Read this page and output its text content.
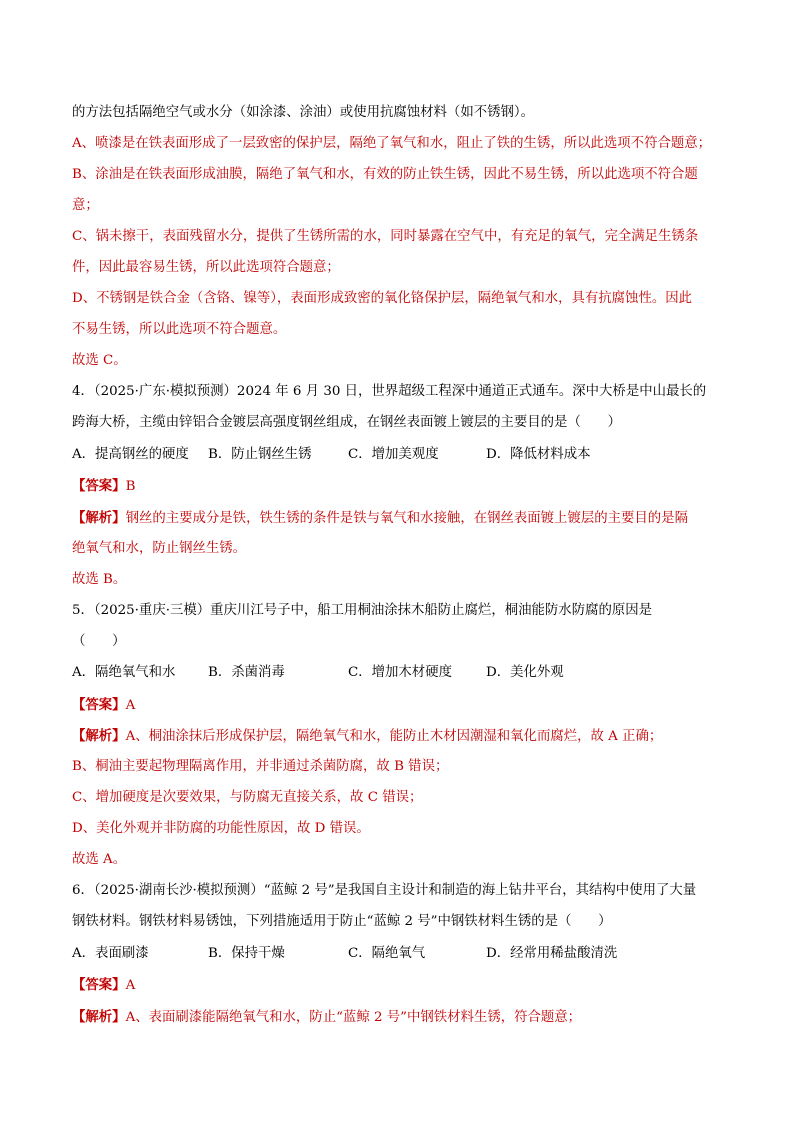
的方法包括隔绝空气或水分（如涂漆、涂油）或使用抗腐蚀材料（如不锈钢）。
A、喷漆是在铁表面形成了一层致密的保护层，隔绝了氧气和水，阻止了铁的生锈，所以此选项不符合题意；
B、涂油是在铁表面形成油膜，隔绝了氧气和水，有效的防止铁生锈，因此不易生锈，所以此选项不符合题
意；
C、锅未擦干，表面残留水分，提供了生锈所需的水，同时暴露在空气中，有充足的氧气，完全满足生锈条
件，因此最容易生锈，所以此选项符合题意；
D、不锈钢是铁合金（含铬、镍等），表面形成致密的氧化铬保护层，隔绝氧气和水，具有抗腐蚀性。因此
不易生锈，所以此选项不符合题意。
故选 C。
4．（2025·广东·模拟预测）2024 年 6 月 30 日，世界超级工程深中通道正式通车。深中大桥是中山最长的
跨海大桥，主缆由锌铝合金镀层高强度钢丝组成，在钢丝表面镀上镀层的主要目的是（　　）
A．提高钢丝的硬度 B．防止钢丝生锈	C．增加美观度	D．降低材料成本
【答案】B
【解析】钢丝的主要成分是铁，铁生锈的条件是铁与氧气和水接触，在钢丝表面镀上镀层的主要目的是隔
绝氧气和水，防止钢丝生锈。
故选 B。
5．（2025·重庆·三模）重庆川江号子中，船工用桐油涂抹木船防止腐烂，桐油能防水防腐的原因是
（　　）
A．隔绝氧气和水 B．杀菌消毒	C．增加木材硬度	D．美化外观
【答案】A
【解析】A、桐油涂抹后形成保护层，隔绝氧气和水，能防止木材因潮湿和氧化而腐烂，故 A 正确；
B、桐油主要起物理隔离作用，并非通过杀菌防腐，故 B 错误；
C、增加硬度是次要效果，与防腐无直接关系，故 C 错误；
D、美化外观并非防腐的功能性原因，故 D 错误。
故选 A。
6．（2025·湖南长沙·模拟预测）“蓝鲸 2 号”是我国自主设计和制造的海上钻井平台，其结构中使用了大量
钢铁材料。钢铁材料易锈蚀，下列措施适用于防止“蓝鲸 2 号”中钢铁材料生锈的是（　　）
A．表面刷漆	B．保持干燥	C．隔绝氧气	D．经常用稀盐酸清洗
【答案】A
【解析】A、表面刷漆能隔绝氧气和水，防止“蓝鲸 2 号”中钢铁材料生锈，符合题意；
